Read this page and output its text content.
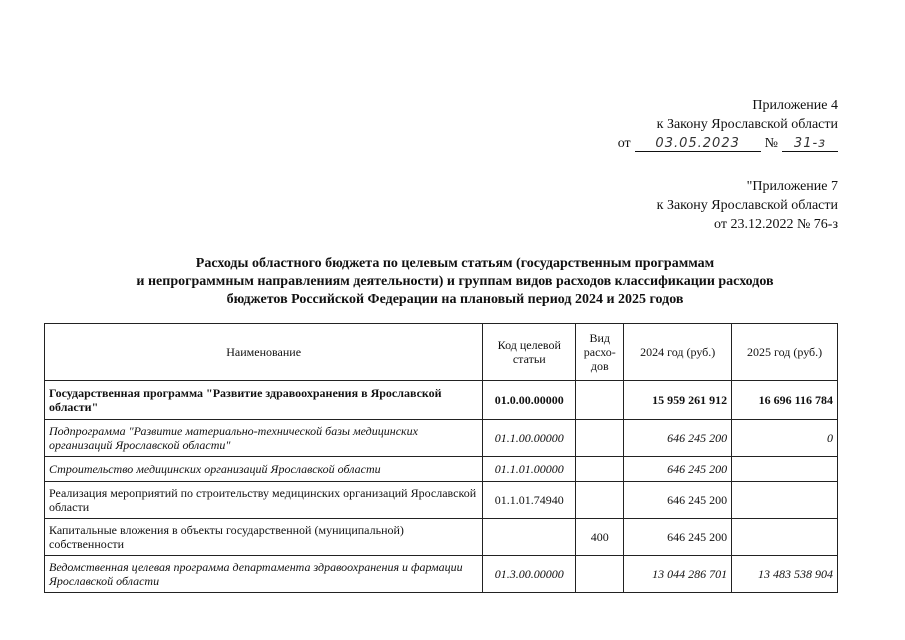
Приложение 4
к Закону Ярославской области
от	03.05.2023	№	31-з
"Приложение 7
к Закону Ярославской области
от 23.12.2022 № 76-з
Расходы областного бюджета по целевым статьям (государственным программам
и непрограммным направлениям деятельности) и группам видов расходов классификации расходов
бюджетов Российской Федерации на плановый период 2024 и 2025 годов
Наименование	Код целевой статьи	Вид расхо-дов	2024 год (руб.)	2025 год (руб.)
Государственная программа "Развитие здравоохранения в Ярославской области"	01.0.00.00000		15 959 261 912	16 696 116 784
Подпрограмма "Развитие материально-технической базы медицинских организаций Ярославской области"	01.1.00.00000		646 245 200	0
Строительство медицинских организаций Ярославской области	01.1.01.00000		646 245 200	
Реализация мероприятий по строительству медицинских организаций Ярославской области	01.1.01.74940		646 245 200	
Капитальные вложения в объекты государственной (муниципальной) собственности		400	646 245 200	
Ведомственная целевая программа департамента здравоохранения и фармации Ярославской области	01.3.00.00000		13 044 286 701	13 483 538 904
